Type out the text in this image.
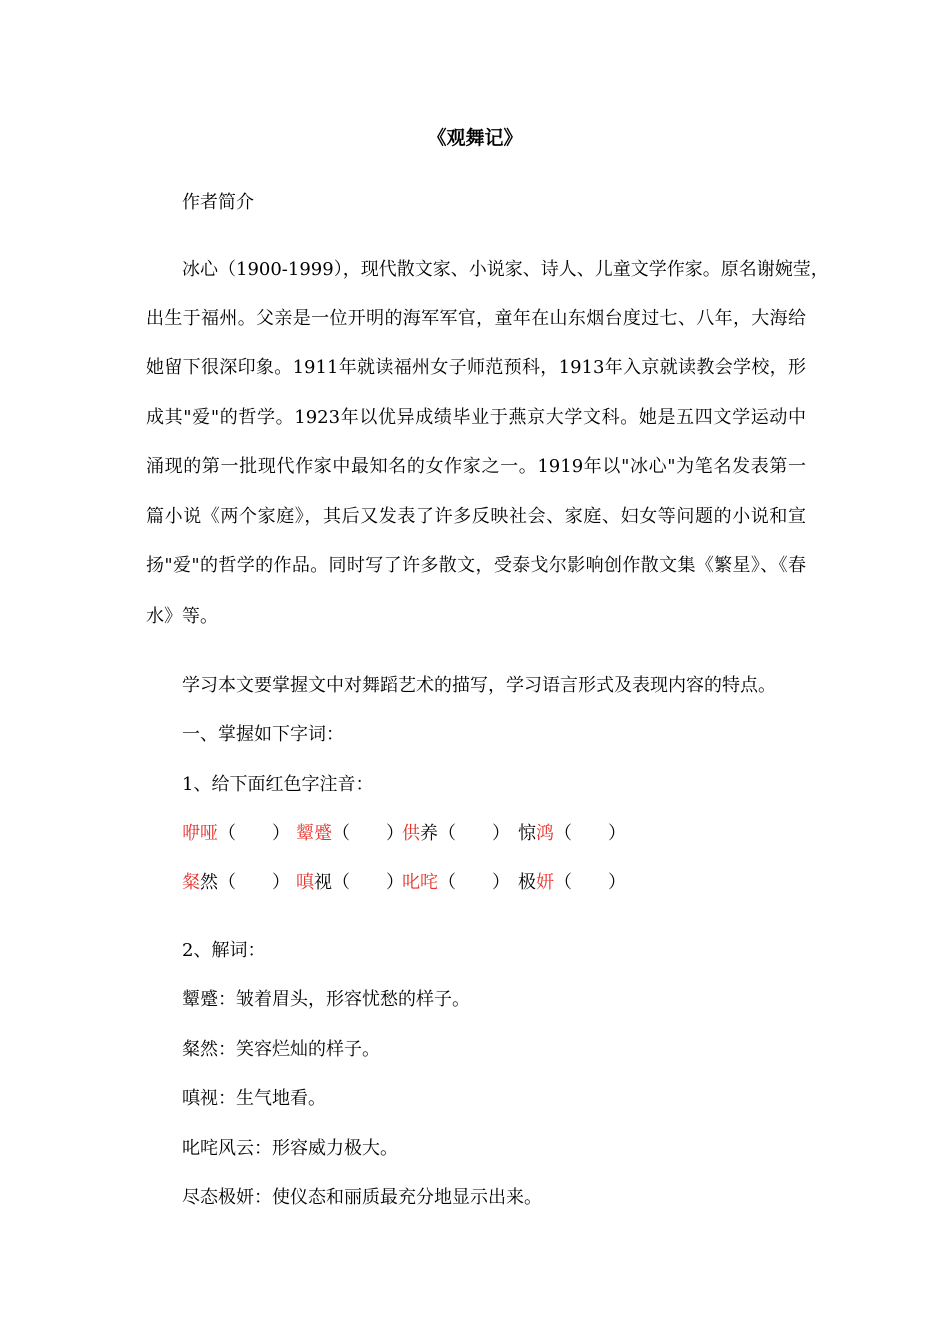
《观舞记》
作者简介
冰心（1900-1999），现代散文家、小说家、诗人、儿童文学作家。原名谢婉莹，
出生于福州。父亲是一位开明的海军军官，童年在山东烟台度过七、八年，大海给
她留下很深印象。1911年就读福州女子师范预科，1913年入京就读教会学校，形
成其"爱"的哲学。1923年以优异成绩毕业于燕京大学文科。她是五四文学运动中
涌现的第一批现代作家中最知名的女作家之一。1919年以"冰心"为笔名发表第一
篇小说《两个家庭》，其后又发表了许多反映社会、家庭、妇女等问题的小说和宣
扬"爱"的哲学的作品。同时写了许多散文，受泰戈尔影响创作散文集《繁星》、《春
水》等。
学习本文要掌握文中对舞蹈艺术的描写，学习语言形式及表现内容的特点。
一、掌握如下字词：
1、给下面红色字注音：
咿哑（　　） 颦蹙（　　）
供养（　　） 惊鸿（　　）
粲然（　　） 嗔视（　　）
叱咤（　　） 极妍（　　）
2、解词：
颦蹙：皱着眉头，形容忧愁的样子。
粲然：笑容烂灿的样子。
嗔视：生气地看。
叱咤风云：形容威力极大。
尽态极妍：使仪态和丽质最充分地显示出来。
